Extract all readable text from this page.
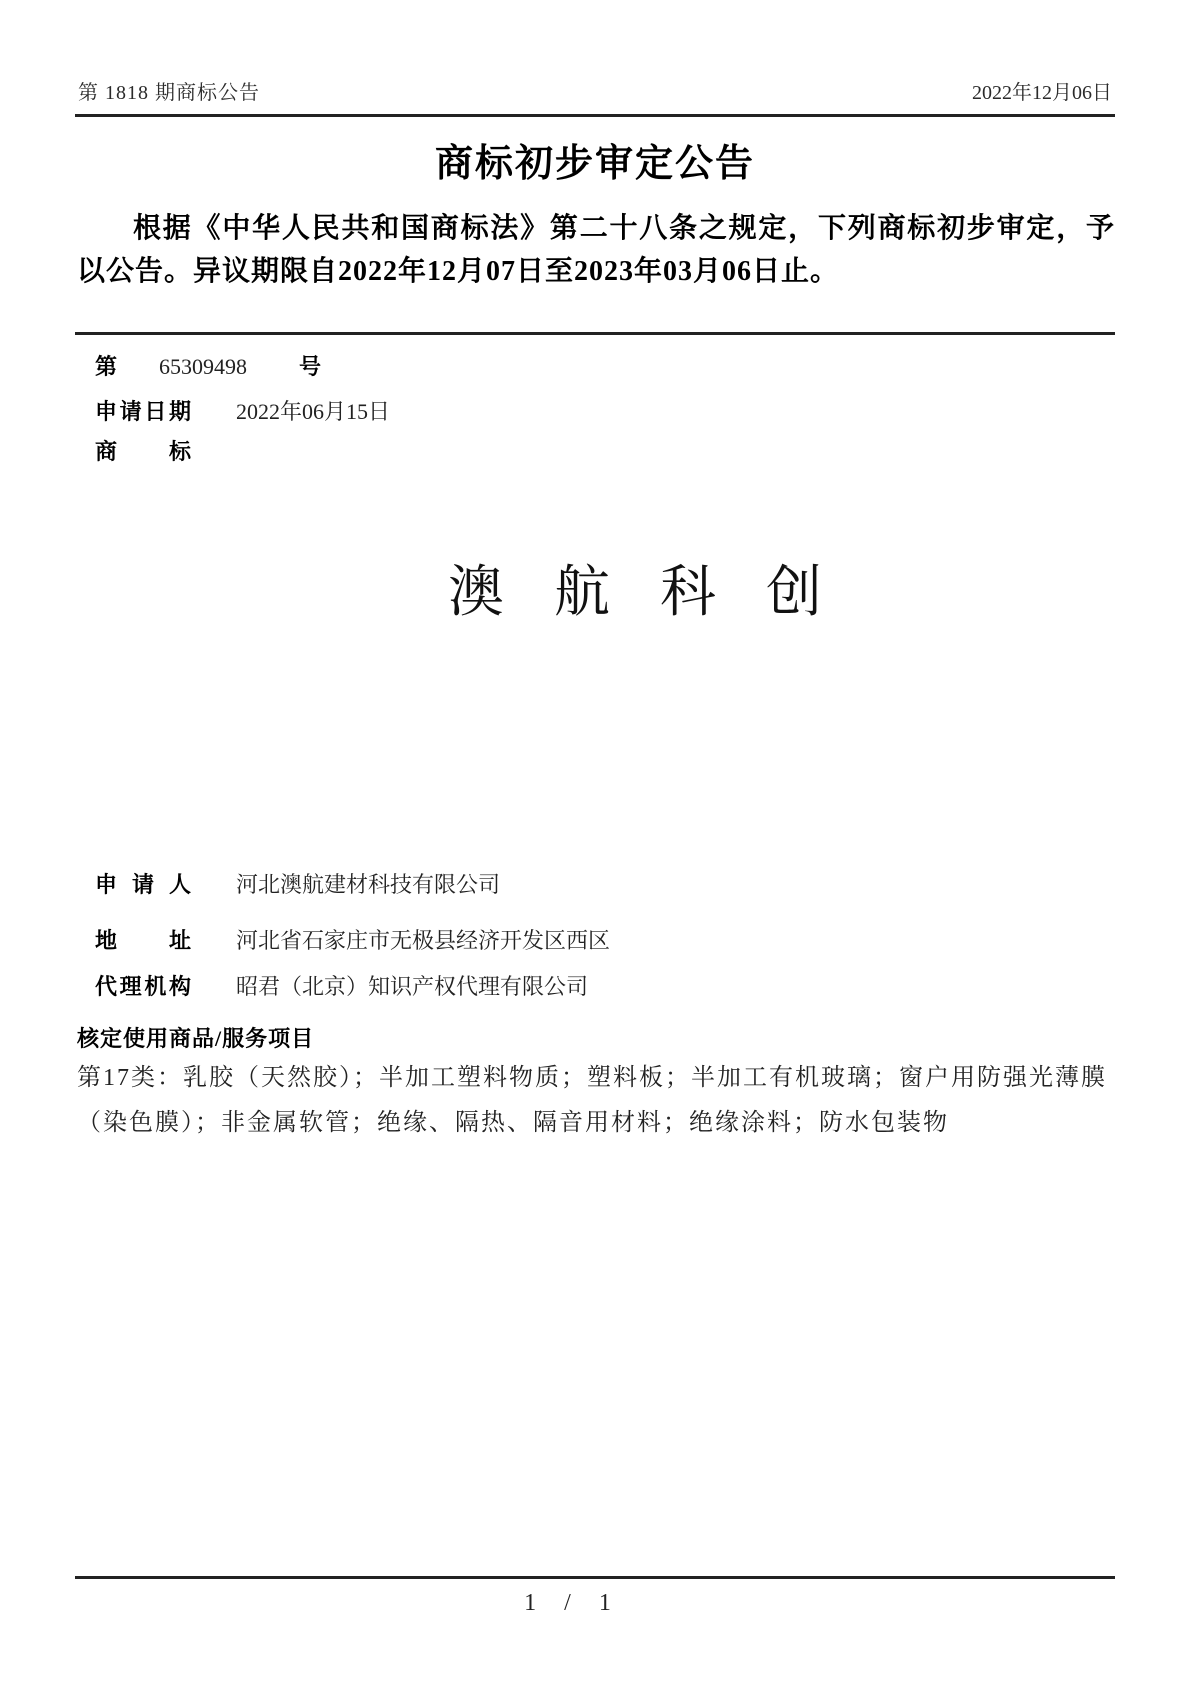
第 1818 期商标公告	2022年12月06日
商标初步审定公告
根据《中华人民共和国商标法》第二十八条之规定，下列商标初步审定，予以公告。异议期限自2022年12月07日至2023年03月06日止。
第 65309498 号
申 请 日 期 2022年06月15日
商 标
澳航科创
申 请 人 河北澳航建材科技有限公司
地 址 河北省石家庄市无极县经济开发区西区
代 理 机 构 昭君（北京）知识产权代理有限公司
核定使用商品/服务项目
第17类：乳胶（天然胶）；半加工塑料物质；塑料板；半加工有机玻璃；窗户用防强光薄膜（染色膜）；非金属软管；绝缘、隔热、隔音用材料；绝缘涂料；防水包装物
1 / 1
